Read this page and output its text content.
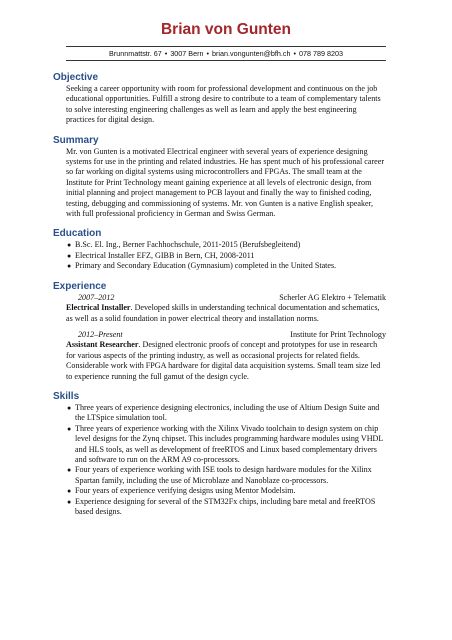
Brian von Gunten
Brunnmattstr. 67 • 3007 Bern • brian.vongunten@bfh.ch • 078 789 8203
Objective

Seeking a career opportunity with room for professional development and continuous on the job educational opportunities. Fulfill a strong desire to contribute to a team of complementary talents to solve interesting engineering challenges as well as learn and apply the best engineering practices for digital design.

Summary

Mr. von Gunten is a motivated Electrical engineer with several years of experience designing systems for use in the printing and related industries. He has spent much of his professional career so far working on digital systems using microcontrollers and FPGAs. The small team at the Institute for Print Technology meant gaining experience at all levels of electronic design, from initial planning and project management to PCB layout and finally the way to finished coding, testing, debugging and commissioning of systems. Mr. von Gunten is a native English speaker, with full professional proficiency in German and Swiss German.

Education
● B.Sc. El. Ing., Berner Fachhochschule, 2011-2015 (Berufsbegleitend)
● Electrical Installer EFZ, GIBB in Bern, CH, 2008-2011
● Primary and Secondary Education (Gymnasium) completed in the United States.
Experience
2007–2012	Scherler AG Elektro + Telematik

Electrical Installer. Developed skills in understanding technical documentation and schematics, as well as a solid foundation in power electrical theory and installation norms.

2012–Present	Institute for Print Technology

Assistant Researcher. Designed electronic proofs of concept and prototypes for use in research for various aspects of the printing industry, as well as occasional projects for related fields. Considerable work with FPGA hardware for digital data acquisition systems. Small team size led to experience running the full gamut of the design cycle.

Skills
● Three years of experience designing electronics, including the use of Altium Design Suite and the LTSpice simulation tool.
● Three years of experience working with the Xilinx Vivado toolchain to design system on chip level designs for the Zynq chipset. This includes programming hardware modules using VHDL and HLS tools, as well as development of freeRTOS and Linux based complementary drivers and software to run on the ARM A9 co-processors.
● Four years of experience working with ISE tools to design hardware modules for the Xilinx Spartan family, including the use of Microblaze and Nanoblaze co-processors.
● Four years of experience verifying designs using Mentor Modelsim.
● Experience designing for several of the STM32Fx chips, including bare metal and freeRTOS based designs.
